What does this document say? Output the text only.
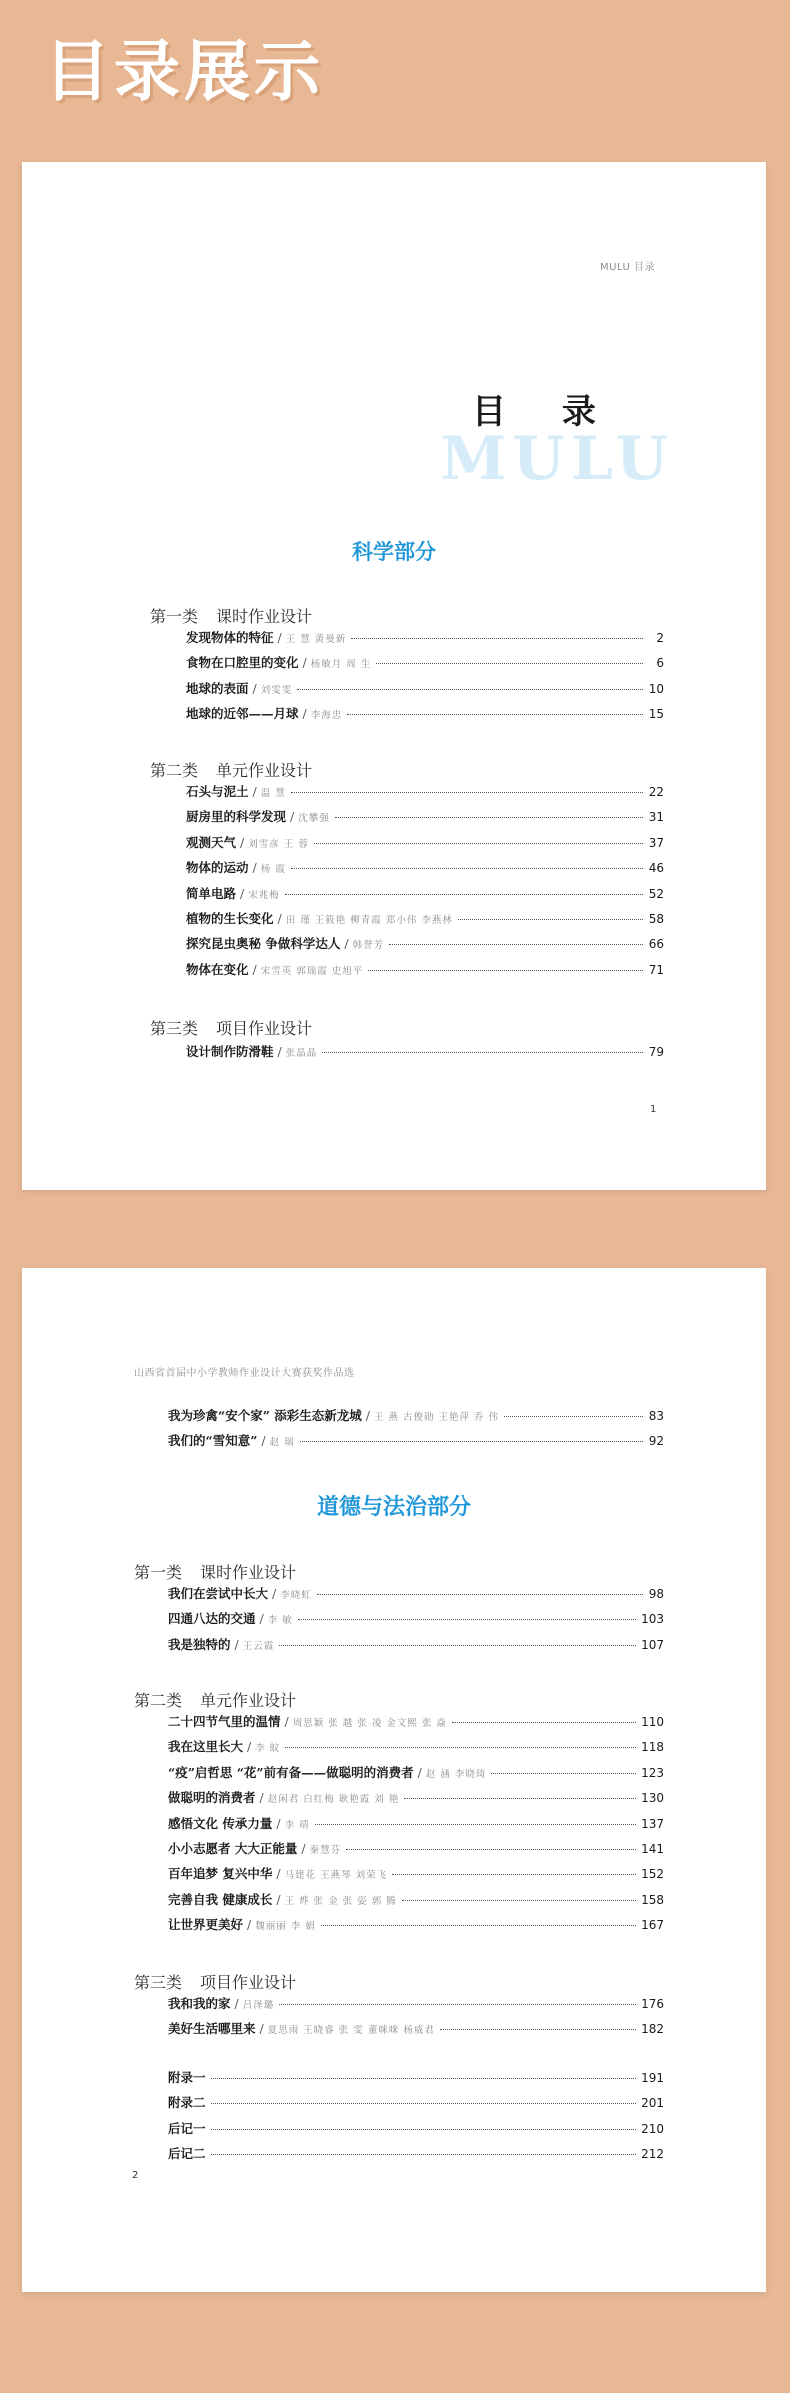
目录展示
MULU 目录
目 录
MULU
科学部分
第一类 课时作业设计
发现物体的特征 / 王 慧 黄曼新	2
食物在口腔里的变化 / 杨敏月 周 生	6
地球的表面 / 刘雯雯	10
地球的近邻——月球 / 李海忠	15
第二类 单元作业设计
石头与泥土 / 温 慧	22
厨房里的科学发现 / 沈攀强	31
观测天气 / 刘雪彦 王 蓉	37
物体的运动 / 杨 霞	46
简单电路 / 宋兆梅	52
植物的生长变化 / 田 瑾 王筱艳 柳青霞 郑小伟 李燕林	58
探究昆虫奥秘 争做科学达人 / 韩誉芳	66
物体在变化 / 宋雪英 郭瑞霞 史旭平	71
第三类 项目作业设计
设计制作防滑鞋 / 张晶晶	79
1
山西省首届中小学教师作业设计大赛获奖作品选
我为珍禽“安个家” 添彩生态新龙城 / 王 燕 古俊勋 王艳萍 乔 伟	83
我们的“雪知意” / 赵 瑞	92
道德与法治部分
第一类 课时作业设计
我们在尝试中长大 / 李晓虹	98
四通八达的交通 / 李 敏	103
我是独特的 / 王云霞	107
第二类 单元作业设计
二十四节气里的温情 / 周思颖 张 越 张 凌 金文熙 张 焱	110
我在这里长大 / 李 蚊	118
“疫”启哲思 “花”前有备——做聪明的消费者 / 赵 涵 李晓琦	123
做聪明的消费者 / 赵闲君 白红梅 耿艳霞 刘 艳	130
感悟文化 传承力量 / 李 靖	137
小小志愿者 大大正能量 / 秦慧芬	141
百年追梦 复兴中华 / 马建花 王燕琴 刘荣飞	152
完善自我 健康成长 / 王 烨 张 金 张 姿 郭 腾	158
让世界更美好 / 魏丽丽 李 娟	167
第三类 项目作业设计
我和我的家 / 吕泽璐	176
美好生活哪里来 / 夏思雨 王晓睿 张 雯 董咪咪 杨威君	182
附录一	191
附录二	201
后记一	210
后记二	212
2
